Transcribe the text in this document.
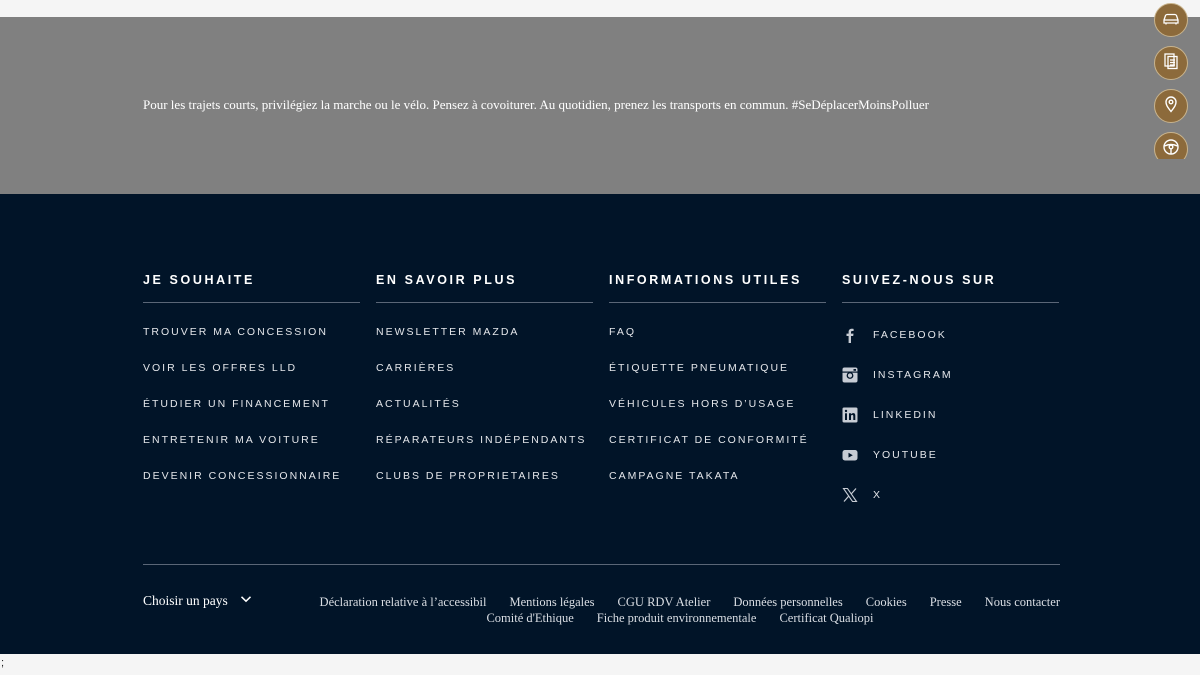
Pour les trajets courts, privilégiez la marche ou le vélo. Pensez à covoiturer. Au quotidien, prenez les transports en commun. #SeDéplacerMoinsPolluer
JE SOUHAITE
TROUVER MA CONCESSION
VOIR LES OFFRES LLD
ÉTUDIER UN FINANCEMENT
ENTRETENIR MA VOITURE
DEVENIR CONCESSIONNAIRE
EN SAVOIR PLUS
NEWSLETTER MAZDA
CARRIÈRES
ACTUALITÉS
RÉPARATEURS INDÉPENDANTS
CLUBS DE PROPRIETAIRES
INFORMATIONS UTILES
FAQ
ÉTIQUETTE PNEUMATIQUE
VÉHICULES HORS D’USAGE
CERTIFICAT DE CONFORMITÉ
CAMPAGNE TAKATA
SUIVEZ-NOUS SUR
FACEBOOK
INSTAGRAM
LINKEDIN
YOUTUBE
X
Choisir un pays	Déclaration relative à l’accessibil Mentions légales CGU RDV Atelier Données personnelles Cookies Presse Nous contacter
Comité d'Ethique Fiche produit environnementale Certificat Qualiopi
;
